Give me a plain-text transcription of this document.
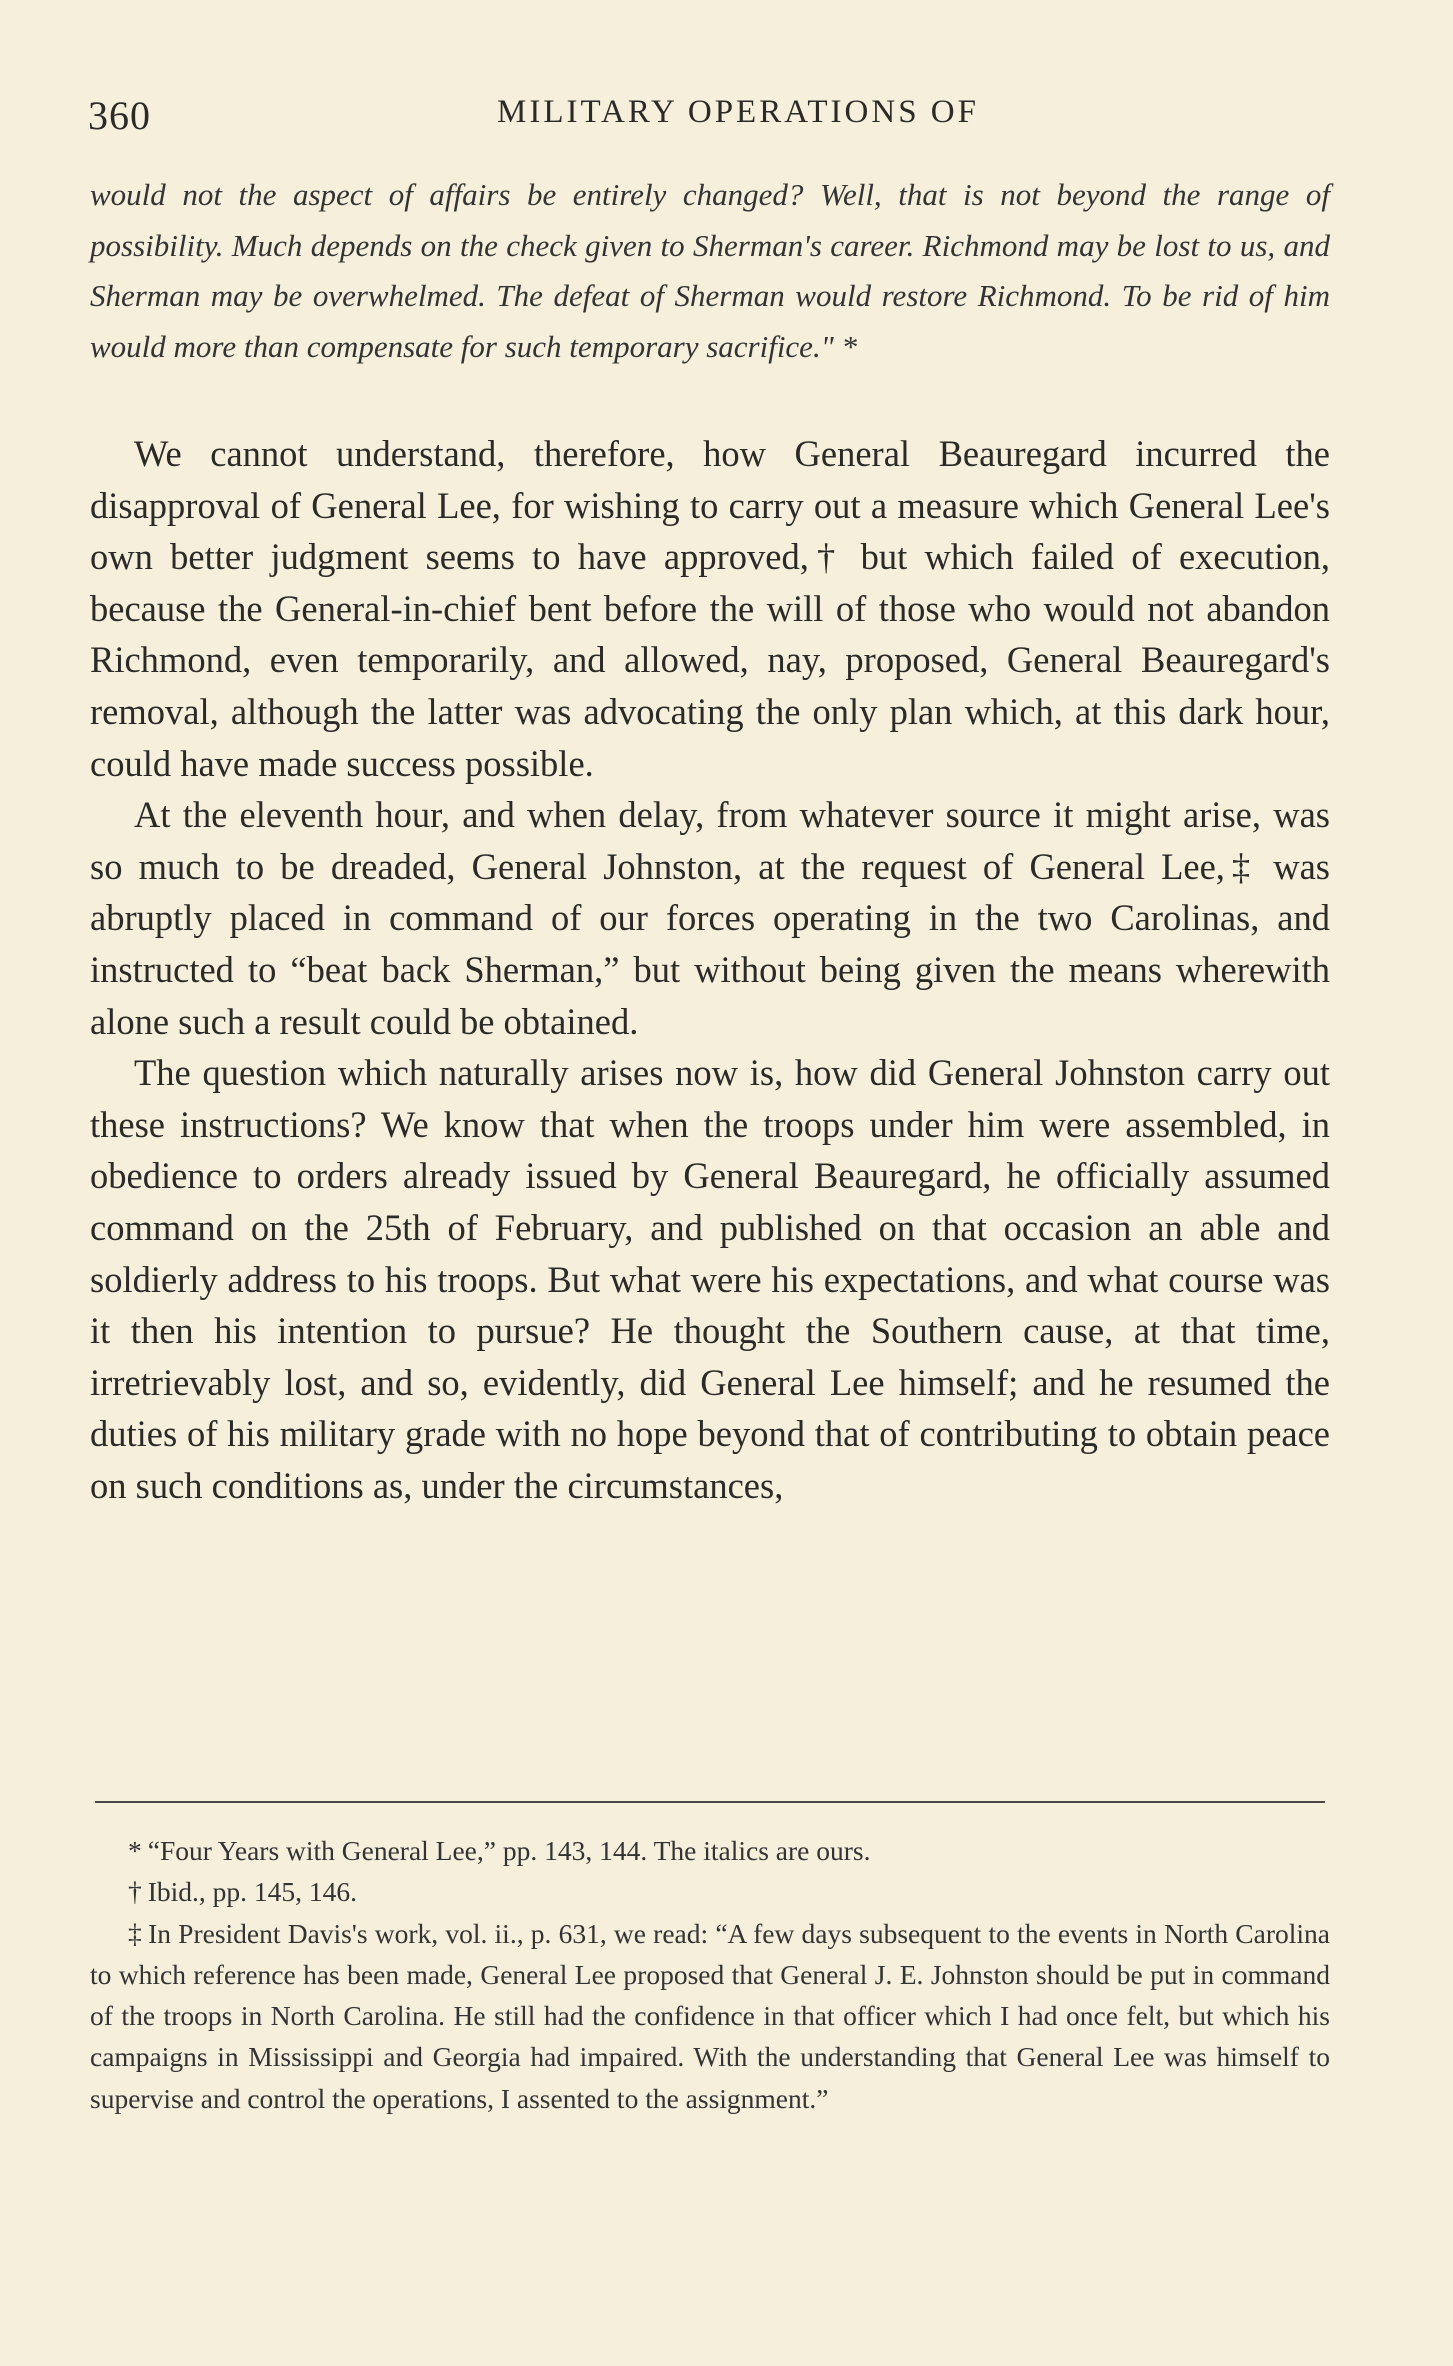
360	MILITARY OPERATIONS OF
would not the aspect of affairs be entirely changed? Well, that is not beyond the range of possibility. Much depends on the check given to Sherman's career. Richmond may be lost to us, and Sherman may be overwhelmed. The defeat of Sherman would restore Richmond. To be rid of him would more than compensate for such temporary sacrifice." *

We cannot understand, therefore, how General Beauregard incurred the disapproval of General Lee, for wishing to carry out a measure which General Lee's own better judgment seems to have approved,† but which failed of execution, because the General-in-chief bent before the will of those who would not abandon Richmond, even temporarily, and allowed, nay, proposed, General Beauregard's removal, although the latter was advocating the only plan which, at this dark hour, could have made success possible.

At the eleventh hour, and when delay, from whatever source it might arise, was so much to be dreaded, General Johnston, at the request of General Lee,‡ was abruptly placed in command of our forces operating in the two Carolinas, and instructed to “beat back Sherman,” but without being given the means wherewith alone such a result could be obtained.

The question which naturally arises now is, how did General Johnston carry out these instructions? We know that when the troops under him were assembled, in obedience to orders already issued by General Beauregard, he officially assumed command on the 25th of February, and published on that occasion an able and soldierly address to his troops. But what were his expectations, and what course was it then his intention to pursue? He thought the Southern cause, at that time, irretrievably lost, and so, evidently, did General Lee himself; and he resumed the duties of his military grade with no hope beyond that of contributing to obtain peace on such conditions as, under the circumstances,

* “Four Years with General Lee,” pp. 143, 144. The italics are ours.

† Ibid., pp. 145, 146.

‡ In President Davis's work, vol. ii., p. 631, we read: “A few days subsequent to the events in North Carolina to which reference has been made, General Lee proposed that General J. E. Johnston should be put in command of the troops in North Carolina. He still had the confidence in that officer which I had once felt, but which his campaigns in Mississippi and Georgia had impaired. With the understanding that General Lee was himself to supervise and control the operations, I assented to the assignment.”
